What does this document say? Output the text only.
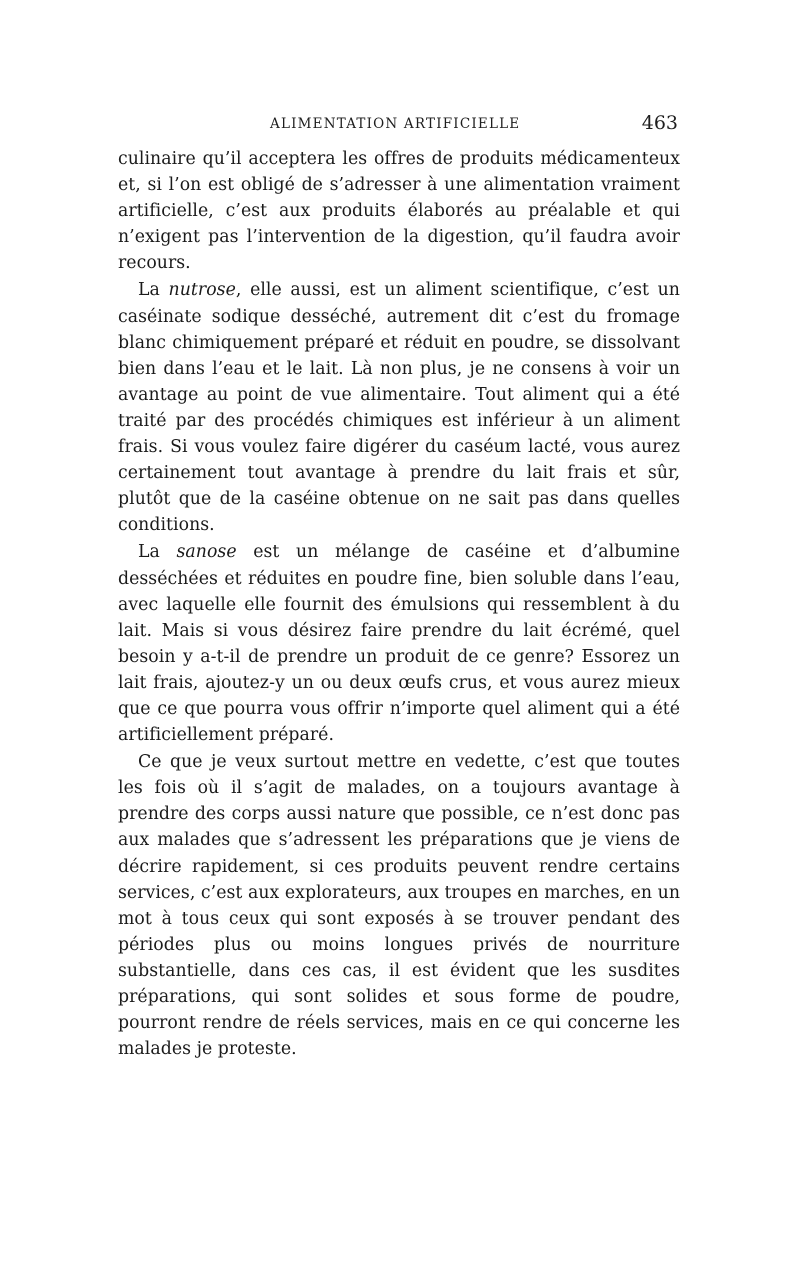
ALIMENTATION ARTIFICIELLE	463

culinaire qu’il acceptera les offres de produits médicamenteux et, si l’on est obligé de s’adresser à une alimentation vraiment artificielle, c’est aux produits élaborés au préalable et qui n’exigent pas l’intervention de la digestion, qu’il faudra avoir recours.

La nutrose, elle aussi, est un aliment scientifique, c’est un caséinate sodique desséché, autrement dit c’est du fromage blanc chimiquement préparé et réduit en poudre, se dissolvant bien dans l’eau et le lait. Là non plus, je ne consens à voir un avantage au point de vue alimentaire. Tout aliment qui a été traité par des procédés chimiques est inférieur à un aliment frais. Si vous voulez faire digérer du caséum lacté, vous aurez certainement tout avantage à prendre du lait frais et sûr, plutôt que de la caséine obtenue on ne sait pas dans quelles conditions.

La sanose est un mélange de caséine et d’albumine desséchées et réduites en poudre fine, bien soluble dans l’eau, avec laquelle elle fournit des émulsions qui ressemblent à du lait. Mais si vous désirez faire prendre du lait écrémé, quel besoin y a-t-il de prendre un produit de ce genre? Essorez un lait frais, ajoutez-y un ou deux œufs crus, et vous aurez mieux que ce que pourra vous offrir n’importe quel aliment qui a été artificiellement préparé.

Ce que je veux surtout mettre en vedette, c’est que toutes les fois où il s’agit de malades, on a toujours avantage à prendre des corps aussi nature que possible, ce n’est donc pas aux malades que s’adressent les préparations que je viens de décrire rapidement, si ces produits peuvent rendre certains services, c’est aux explorateurs, aux troupes en marches, en un mot à tous ceux qui sont exposés à se trouver pendant des périodes plus ou moins longues privés de nourriture substantielle, dans ces cas, il est évident que les susdites préparations, qui sont solides et sous forme de poudre, pourront rendre de réels services, mais en ce qui concerne les malades je proteste.
